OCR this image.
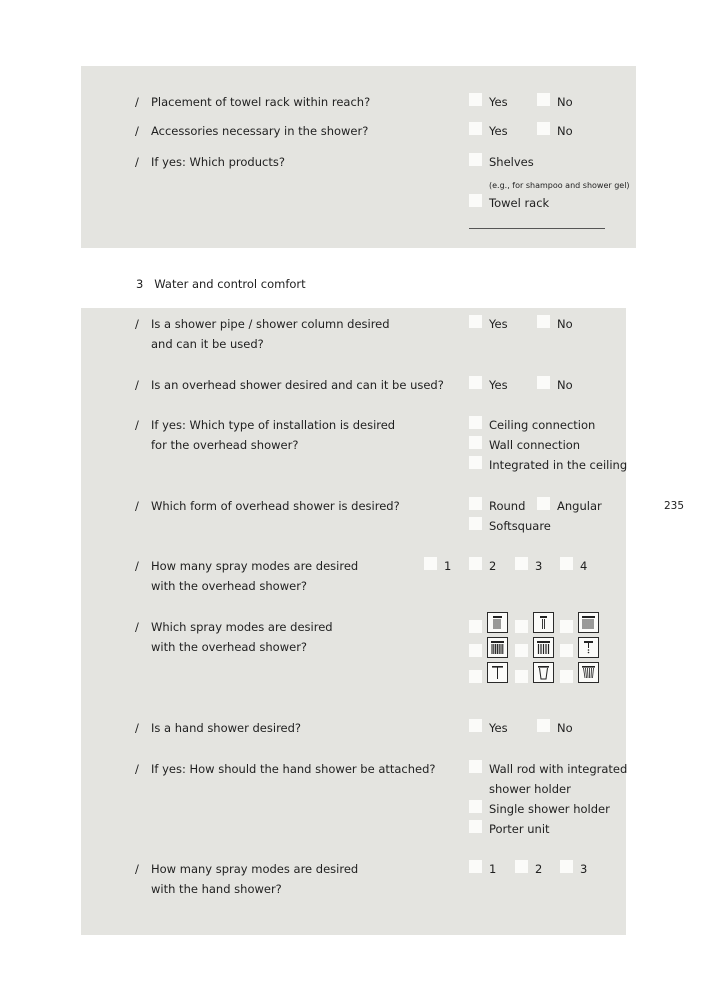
/ Placement of towel rack within reach?	Yes	No
/ Accessories necessary in the shower?	Yes	No
/ If yes: Which products?	Shelves
(e.g., for shampoo and shower gel)
Towel rack
3 Water and control comfort
/ Is a shower pipe / shower column desired
and can it be used?
Yes	No
/ Is an overhead shower desired and can it be used?	Yes	No
/ If yes: Which type of installation is desired
for the overhead shower?
Ceiling connection
Wall connection
Integrated in the ceiling
/ Which form of overhead shower is desired?	Round	Angular
Softsquare
235
/ How many spray modes are desired
with the overhead shower?
1	2	3	4
/ Which spray modes are desired
with the overhead shower?
/ Is a hand shower desired?	Yes	No
/ If yes: How should the hand shower be attached?	Wall rod with integrated
shower holder
Single shower holder
Porter unit
/ How many spray modes are desired
with the hand shower?
1	2	3
